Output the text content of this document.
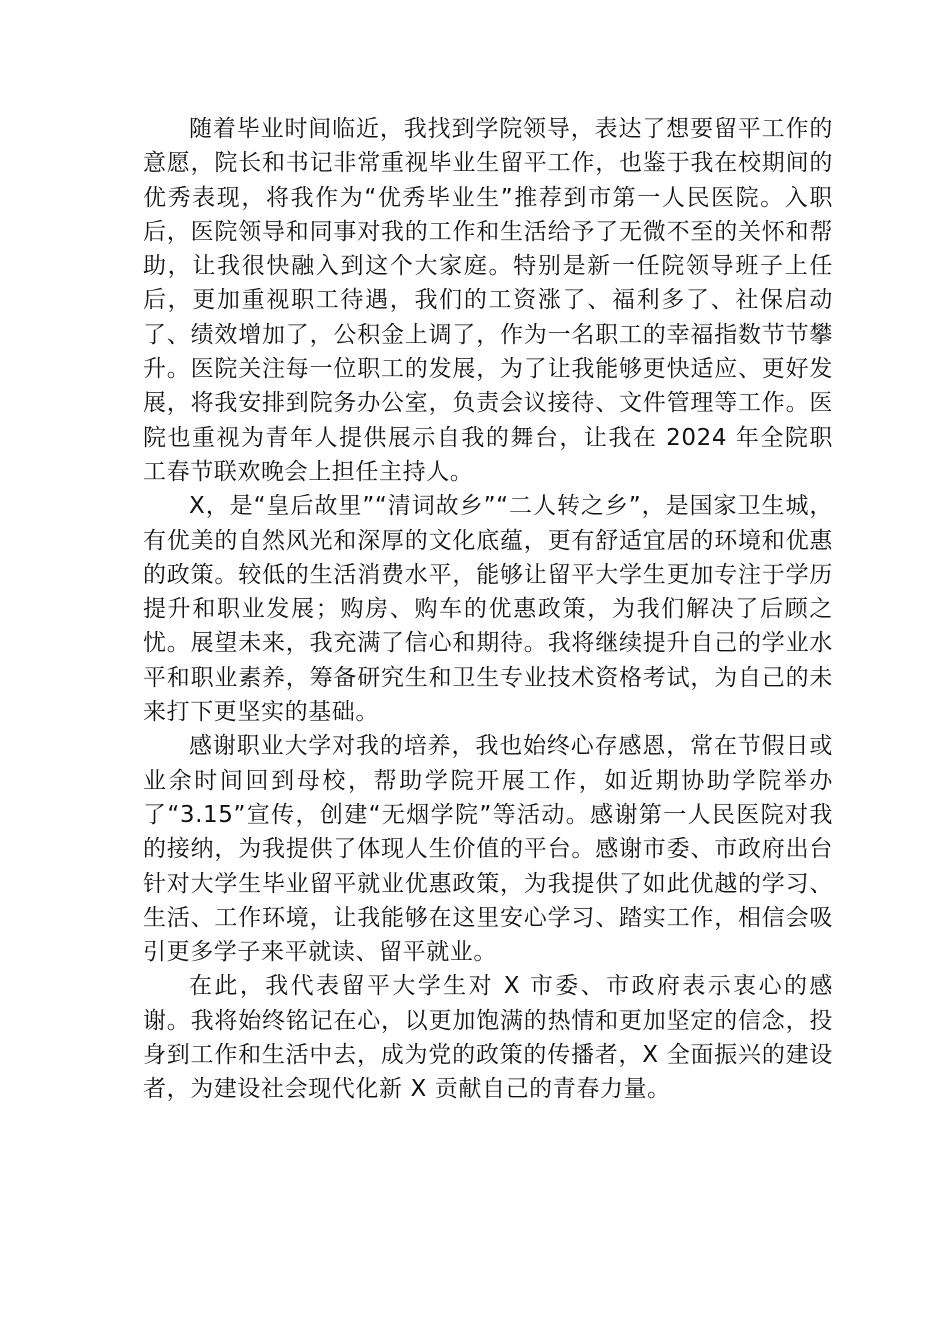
随着毕业时间临近，我找到学院领导，表达了想要留平工作的意愿，院长和书记非常重视毕业生留平工作，也鉴于我在校期间的优秀表现，将我作为“优秀毕业生”推荐到市第一人民医院。入职后，医院领导和同事对我的工作和生活给予了无微不至的关怀和帮助，让我很快融入到这个大家庭。特别是新一任院领导班子上任后，更加重视职工待遇，我们的工资涨了、福利多了、社保启动了、绩效增加了，公积金上调了，作为一名职工的幸福指数节节攀升。医院关注每一位职工的发展，为了让我能够更快适应、更好发展，将我安排到院务办公室，负责会议接待、文件管理等工作。医院也重视为青年人提供展示自我的舞台，让我在 2024 年全院职工春节联欢晚会上担任主持人。

X，是“皇后故里”“清词故乡”“二人转之乡”，是国家卫生城，有优美的自然风光和深厚的文化底蕴，更有舒适宜居的环境和优惠的政策。较低的生活消费水平，能够让留平大学生更加专注于学历提升和职业发展；购房、购车的优惠政策，为我们解决了后顾之忧。展望未来，我充满了信心和期待。我将继续提升自己的学业水平和职业素养，筹备研究生和卫生专业技术资格考试，为自己的未来打下更坚实的基础。

感谢职业大学对我的培养，我也始终心存感恩，常在节假日或业余时间回到母校，帮助学院开展工作，如近期协助学院举办了“3.15”宣传，创建“无烟学院”等活动。感谢第一人民医院对我的接纳，为我提供了体现人生价值的平台。感谢市委、市政府出台针对大学生毕业留平就业优惠政策，为我提供了如此优越的学习、生活、工作环境，让我能够在这里安心学习、踏实工作，相信会吸引更多学子来平就读、留平就业。

在此，我代表留平大学生对 X 市委、市政府表示衷心的感谢。我将始终铭记在心，以更加饱满的热情和更加坚定的信念，投身到工作和生活中去，成为党的政策的传播者，X 全面振兴的建设者，为建设社会现代化新 X 贡献自己的青春力量。
